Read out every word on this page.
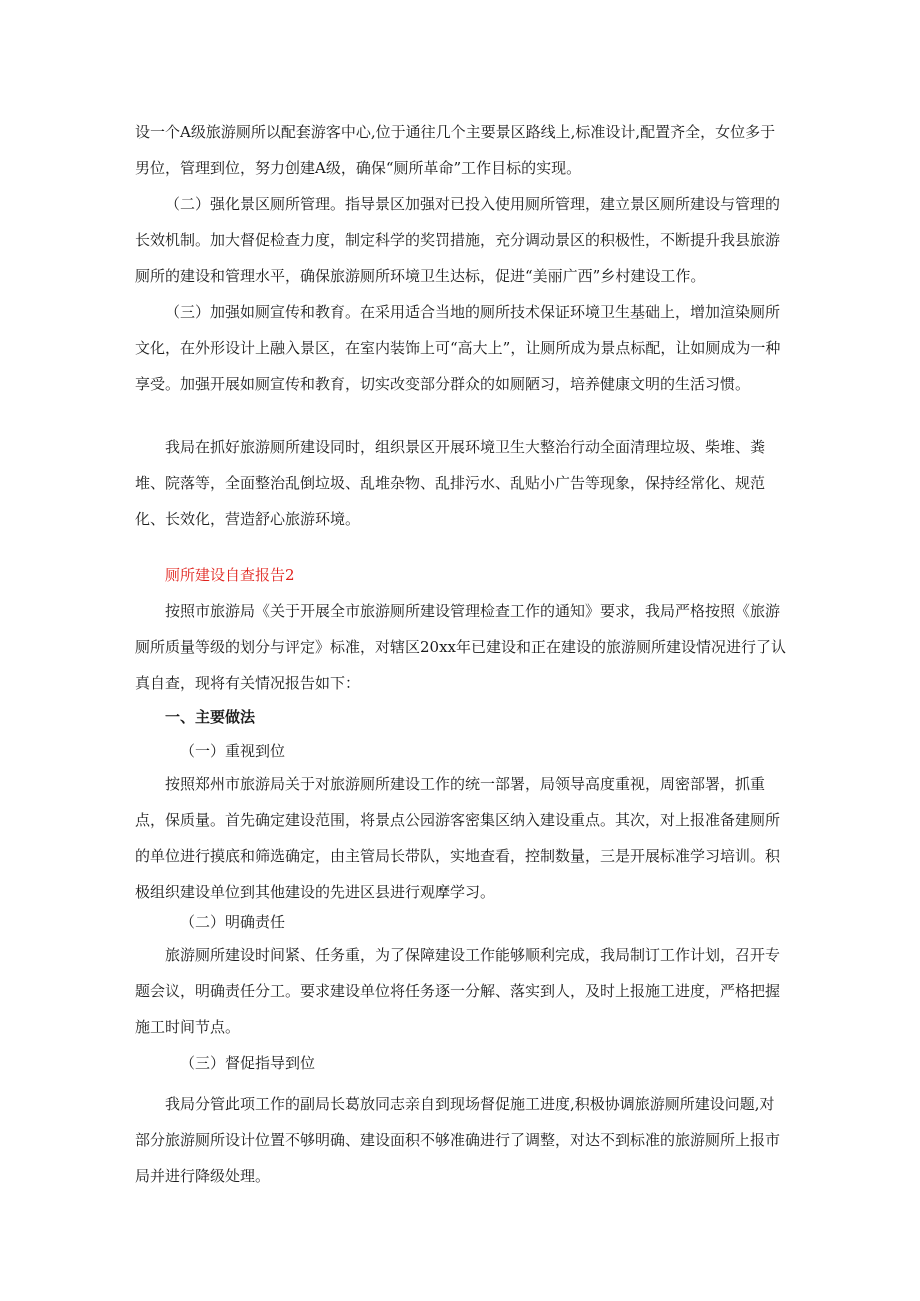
设一个A级旅游厕所以配套游客中心,位于通往几个主要景区路线上,标准设计,配置齐全，女位多于男位，管理到位，努力创建A级，确保“厕所革命”工作目标的实现。

（二）强化景区厕所管理。指导景区加强对已投入使用厕所管理，建立景区厕所建设与管理的长效机制。加大督促检查力度，制定科学的奖罚措施，充分调动景区的积极性，不断提升我县旅游厕所的建设和管理水平，确保旅游厕所环境卫生达标，促进“美丽广西”乡村建设工作。

（三）加强如厕宣传和教育。在采用适合当地的厕所技术保证环境卫生基础上，增加渲染厕所文化，在外形设计上融入景区，在室内装饰上可“高大上”，让厕所成为景点标配，让如厕成为一种享受。加强开展如厕宣传和教育，切实改变部分群众的如厕陋习，培养健康文明的生活习惯。

我局在抓好旅游厕所建设同时，组织景区开展环境卫生大整治行动全面清理垃圾、柴堆、粪堆、院落等，全面整治乱倒垃圾、乱堆杂物、乱排污水、乱贴小广告等现象，保持经常化、规范化、长效化，营造舒心旅游环境。

厕所建设自查报告2

按照市旅游局《关于开展全市旅游厕所建设管理检查工作的通知》要求，我局严格按照《旅游厕所质量等级的划分与评定》标准，对辖区20xx年已建设和正在建设的旅游厕所建设情况进行了认真自查，现将有关情况报告如下：

一、主要做法

（一）重视到位

按照郑州市旅游局关于对旅游厕所建设工作的统一部署，局领导高度重视，周密部署，抓重点，保质量。首先确定建设范围，将景点公园游客密集区纳入建设重点。其次，对上报准备建厕所的单位进行摸底和筛选确定，由主管局长带队，实地查看，控制数量，三是开展标准学习培训。积极组织建设单位到其他建设的先进区县进行观摩学习。

（二）明确责任

旅游厕所建设时间紧、任务重，为了保障建设工作能够顺利完成，我局制订工作计划，召开专题会议，明确责任分工。要求建设单位将任务逐一分解、落实到人，及时上报施工进度，严格把握施工时间节点。

（三）督促指导到位

我局分管此项工作的副局长葛放同志亲自到现场督促施工进度,积极协调旅游厕所建设问题,对部分旅游厕所设计位置不够明确、建设面积不够准确进行了调整，对达不到标准的旅游厕所上报市局并进行降级处理。
